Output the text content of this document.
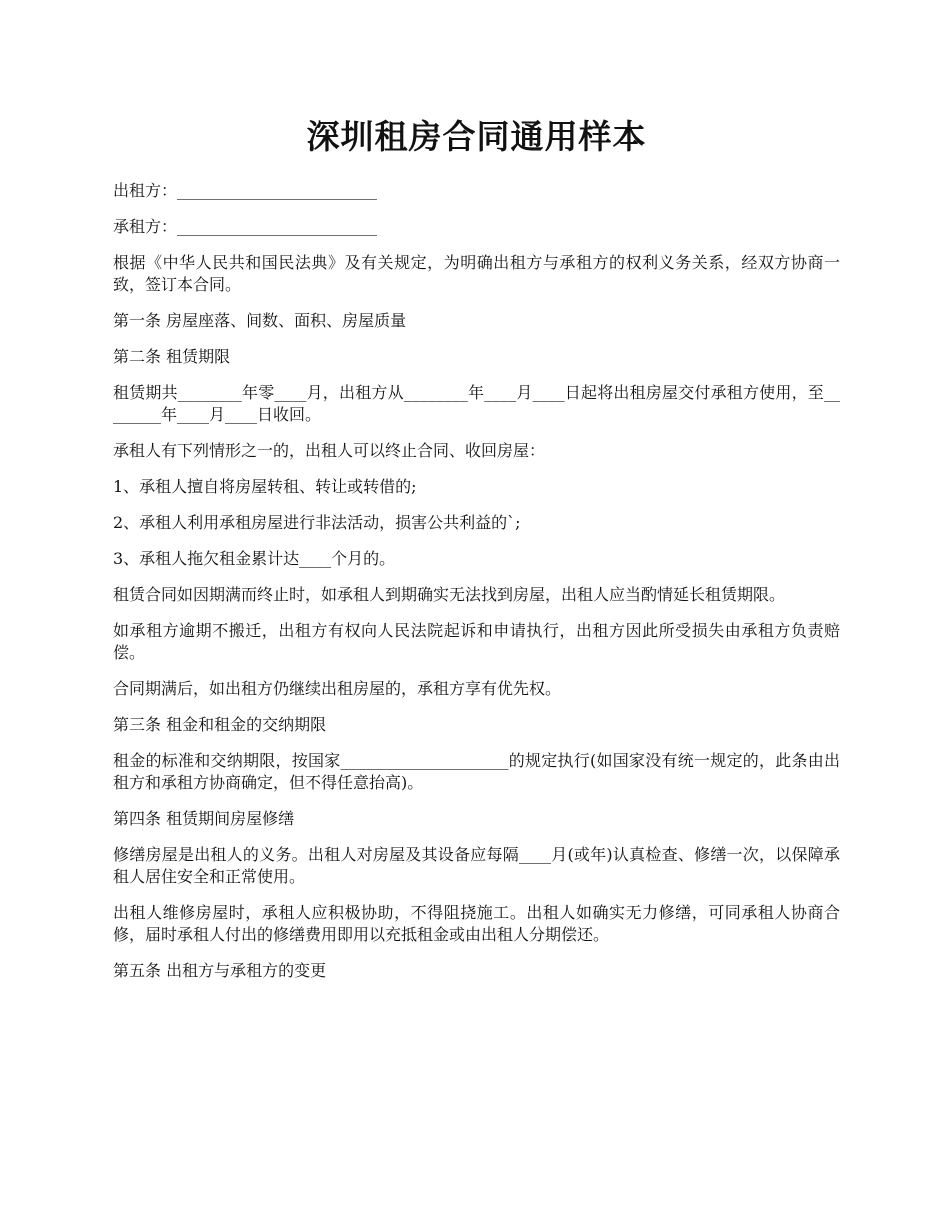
深圳租房合同通用样本

出租方：_________________________

承租方：_________________________

根据《中华人民共和国民法典》及有关规定，为明确出租方与承租方的权利义务关系，经双方协商一致，签订本合同。

第一条 房屋座落、间数、面积、房屋质量

第二条 租赁期限

租赁期共________年零____月，出租方从________年____月____日起将出租房屋交付承租方使用，至________年____月____日收回。

承租人有下列情形之一的，出租人可以终止合同、收回房屋：

1、承租人擅自将房屋转租、转让或转借的;

2、承租人利用承租房屋进行非法活动，损害公共利益的`;

3、承租人拖欠租金累计达____个月的。

租赁合同如因期满而终止时，如承租人到期确实无法找到房屋，出租人应当酌情延长租赁期限。

如承租方逾期不搬迁，出租方有权向人民法院起诉和申请执行，出租方因此所受损失由承租方负责赔偿。

合同期满后，如出租方仍继续出租房屋的，承租方享有优先权。

第三条 租金和租金的交纳期限

租金的标准和交纳期限，按国家_____________________的规定执行(如国家没有统一规定的，此条由出租方和承租方协商确定，但不得任意抬高)。

第四条 租赁期间房屋修缮

修缮房屋是出租人的义务。出租人对房屋及其设备应每隔____月(或年)认真检查、修缮一次，以保障承租人居住安全和正常使用。

出租人维修房屋时，承租人应积极协助，不得阻挠施工。出租人如确实无力修缮，可同承租人协商合修，届时承租人付出的修缮费用即用以充抵租金或由出租人分期偿还。

第五条 出租方与承租方的变更
